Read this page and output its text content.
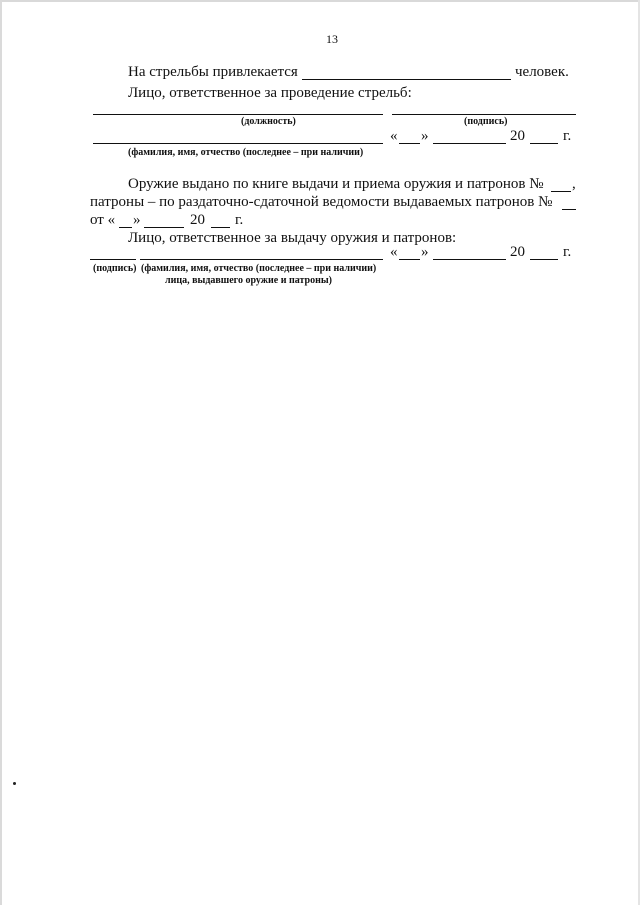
13
На стрельбы привлекается	человек.
Лицо, ответственное за проведение стрельб:
(должность)	(подпись)
« »	20	г.
(фамилия, имя, отчество (последнее – при наличии)
Оружие выдано по книге выдачи и приема оружия и патронов № ,
патроны – по раздаточно-сдаточной ведомости выдаваемых патронов №
от « »	20 г.
Лицо, ответственное за выдачу оружия и патронов:
« »	20	г.
(подпись) (фамилия, имя, отчество (последнее – при наличии)
лица, выдавшего оружие и патроны)
